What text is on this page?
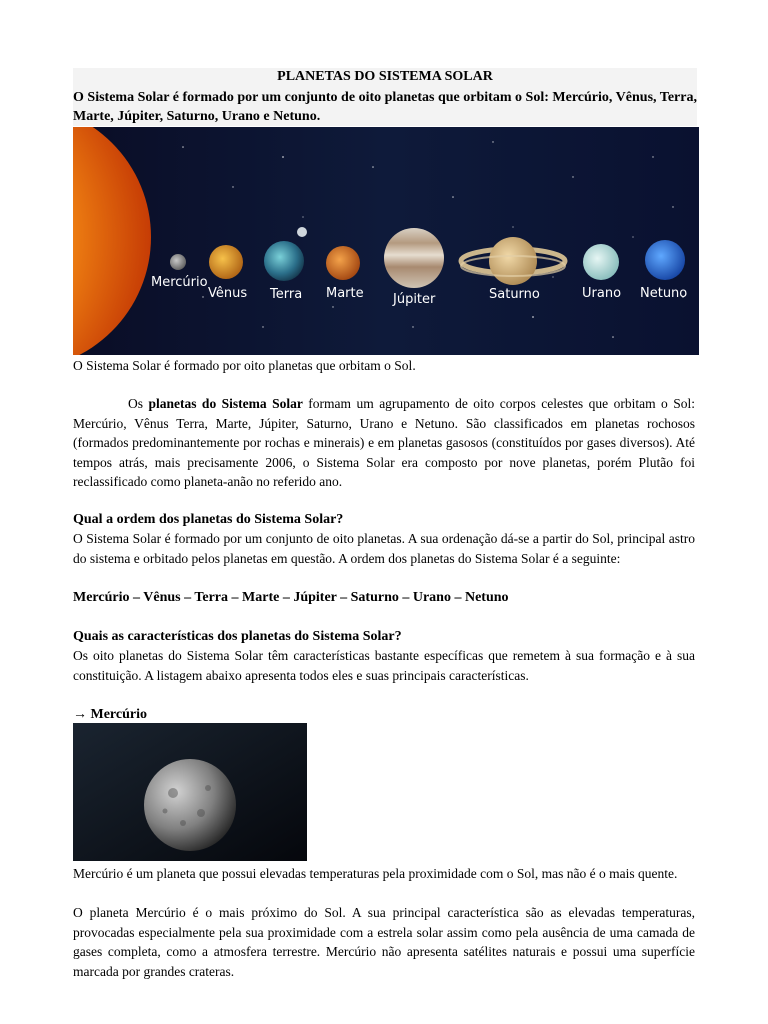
PLANETAS DO SISTEMA SOLAR
O Sistema Solar é formado por um conjunto de oito planetas que orbitam o Sol: Mercúrio, Vênus, Terra, Marte, Júpiter, Saturno, Urano e Netuno.
Mercúrio
Vênus Terra Marte Júpiter	Saturno	Urano Netuno
O Sistema Solar é formado por oito planetas que orbitam o Sol.
Os planetas do Sistema Solar formam um agrupamento de oito corpos celestes que orbitam o Sol: Mercúrio, Vênus Terra, Marte, Júpiter, Saturno, Urano e Netuno. São classificados em planetas rochosos (formados predominantemente por rochas e minerais) e em planetas gasosos (constituídos por gases diversos). Até tempos atrás, mais precisamente 2006, o Sistema Solar era composto por nove planetas, porém Plutão foi reclassificado como planeta-anão no referido ano.
Qual a ordem dos planetas do Sistema Solar?
O Sistema Solar é formado por um conjunto de oito planetas. A sua ordenação dá-se a partir do Sol, principal astro do sistema e orbitado pelos planetas em questão. A ordem dos planetas do Sistema Solar é a seguinte:
Mercúrio – Vênus – Terra – Marte – Júpiter – Saturno – Urano – Netuno
Quais as características dos planetas do Sistema Solar?
Os oito planetas do Sistema Solar têm características bastante específicas que remetem à sua formação e à sua constituição. A listagem abaixo apresenta todos eles e suas principais características.
→ Mercúrio
Mercúrio é um planeta que possui elevadas temperaturas pela proximidade com o Sol, mas não é o mais quente.
O planeta Mercúrio é o mais próximo do Sol. A sua principal característica são as elevadas temperaturas, provocadas especialmente pela sua proximidade com a estrela solar assim como pela ausência de uma camada de gases completa, como a atmosfera terrestre. Mercúrio não apresenta satélites naturais e possui uma superfície marcada por grandes crateras.
